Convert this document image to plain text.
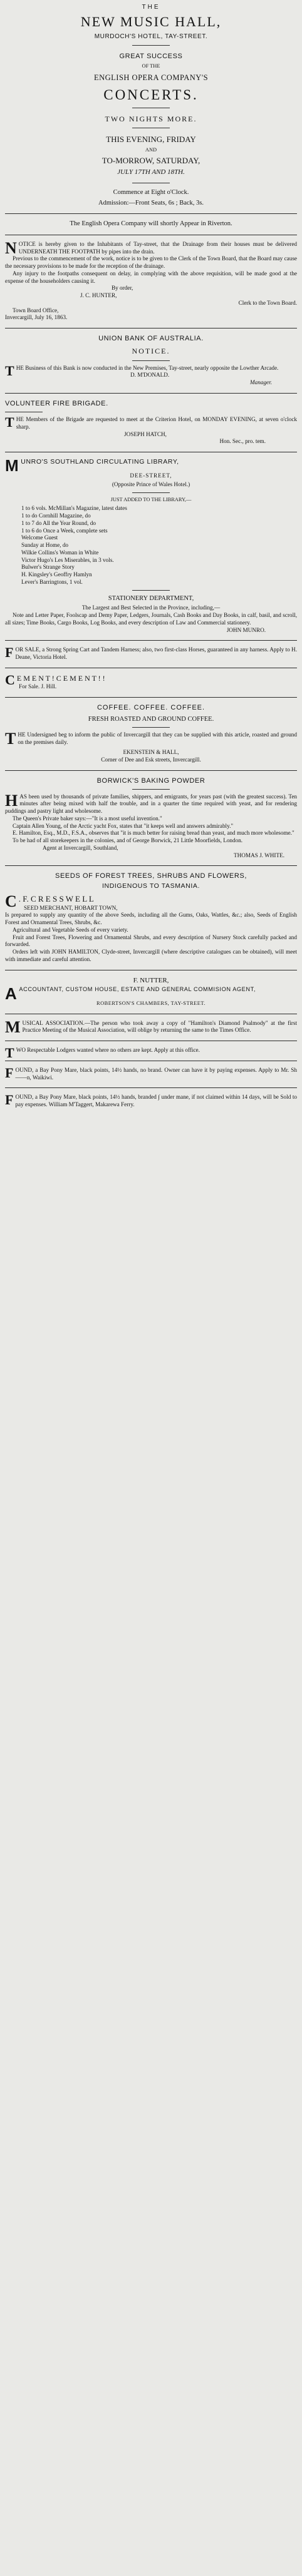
THE
NEW MUSIC HALL,
MURDOCH'S HOTEL, TAY-STREET.
GREAT SUCCESS
OF THE
ENGLISH OPERA COMPANY'S
CONCERTS.
TWO NIGHTS MORE.
THIS EVENING, FRIDAY
AND
TO-MORROW, SATURDAY,
JULY 17TH AND 18TH.
Commence at Eight o'Clock.
Admission:—Front Seats, 6s ; Back, 3s.

The English Opera Company will shortly Appear in Riverton.

NOTICE is hereby given to the Inhabitants of Tay-street, that the Drainage from their houses must be delivered UNDERNEATH THE FOOTPATH by pipes into the drain.

Previous to the commencement of the work, notice is to be given to the Clerk of the Town Board, that the Board may cause the necessary provisions to be made for the reception of the drainage.

Any injury to the footpaths consequent on delay, in complying with the above requisition, will be made good at the expense of the householders causing it.

By order,

J. C. HUNTER,

Clerk to the Town Board.

Town Board Office,

Invercargill, July 16, 1863.

UNION BANK OF AUSTRALIA.
NOTICE.

THE Business of this Bank is now conducted in the New Premises, Tay-street, nearly opposite the Lowther Arcade.

D. M'DONALD.

Manager.

VOLUNTEER FIRE BRIGADE.

THE Members of the Brigade are requested to meet at the Criterion Hotel, on MONDAY EVENING, at seven o'clock sharp.

JOSEPH HATCH,

Hon. Sec., pro. tem.

MUNRO'S SOUTHLAND CIRCULATING LIBRARY,

DEE-STREET,
(Opposite Prince of Wales Hotel.)
JUST ADDED TO THE LIBRARY,—
1 to 6 vols. McMillan's Magazine, latest dates
1 to do Cornhill Magazine, do
1 to 7 do All the Year Round, do
1 to 6 do Once a Week, complete sets
Welcome Guest
Sunday at Home, do
Wilkie Collins's Woman in White
Victor Hugo's Les Miserables, in 3 vols.
Bulwer's Strange Story
H. Kingsley's Geoffry Hamlyn
Lever's Barringtons, 1 vol.
STATIONERY DEPARTMENT,

The Largest and Best Selected in the Province, including,—

Note and Letter Paper, Foolscap and Demy Paper, Ledgers, Journals, Cash Books and Day Books, in calf, basil, and scroll, all sizes; Time Books, Cargo Books, Log Books, and every description of Law and Commercial stationery.

JOHN MUNRO.

FOR SALE, a Strong Spring Cart and Tandem Harness; also, two first-class Horses, guaranteed in any harness. Apply to H. Deane, Victoria Hotel.

C E M E N T ! C E M E N T ! !

For Sale. J. Hill.

COFFEE. COFFEE. COFFEE.
FRESH ROASTED AND GROUND COFFEE.

THE Undersigned beg to inform the public of Invercargill that they can be supplied with this article, roasted and ground on the premises daily.

EKENSTEIN & HALL,

Corner of Dee and Esk streets, Invercargill.

BORWICK'S BAKING POWDER

HAS been used by thousands of private families, shippers, and emigrants, for years past (with the greatest success). Ten minutes after being mixed with half the trouble, and in a quarter the time required with yeast, and for rendering puddings and pastry light and wholesome.

The Queen's Private baker says:—"It is a most useful invention."

Captain Allen Young, of the Arctic yacht Fox, states that "it keeps well and answers admirably."

E. Hamilton, Esq., M.D., F.S.A., observes that "it is much better for raising bread than yeast, and much more wholesome."

To be had of all storekeepers in the colonies, and of George Borwick, 21 Little Moorfields, London.

Agent at Invercargill, Southland,

THOMAS J. WHITE.

SEEDS OF FOREST TREES, SHRUBS AND FLOWERS,
INDIGENOUS TO TASMANIA.

C . F. C R E S S W E L L

SEED MERCHANT, HOBART TOWN,

Is prepared to supply any quantity of the above Seeds, including all the Gums, Oaks, Wattles, &c.; also, Seeds of English Forest and Ornamental Trees, Shrubs, &c.

Agricultural and Vegetable Seeds of every variety.

Fruit and Forest Trees, Flowering and Ornamental Shrubs, and every description of Nursery Stock carefully packed and forwarded.

Orders left with JOHN HAMILTON, Clyde-street, Invercargill (where descriptive catalogues can be obtained), will meet with immediate and careful attention.

F. NUTTER,

AACCOUNTANT, CUSTOM HOUSE, ESTATE AND GENERAL COMMISION AGENT,

ROBERTSON'S CHAMBERS, TAY-STREET.

MUSICAL ASSOCIATION.—The person who took away a copy of "Hamilton's Diamond Psalmody" at the first Practice Meeting of the Musical Association, will oblige by returning the same to the Times Office.

TWO Respectable Lodgers wanted where no others are kept. Apply at this office.

FOUND, a Bay Pony Mare, black points, 14½ hands, no brand. Owner can have it by paying expenses. Apply to Mr. Sh——n, Waikiwi.

FOUND, a Bay Pony Mare, black points, 14½ hands, branded ∫ under mane, if not claimed within 14 days, will be Sold to pay expenses. William M'Taggert, Makarewa Ferry.
